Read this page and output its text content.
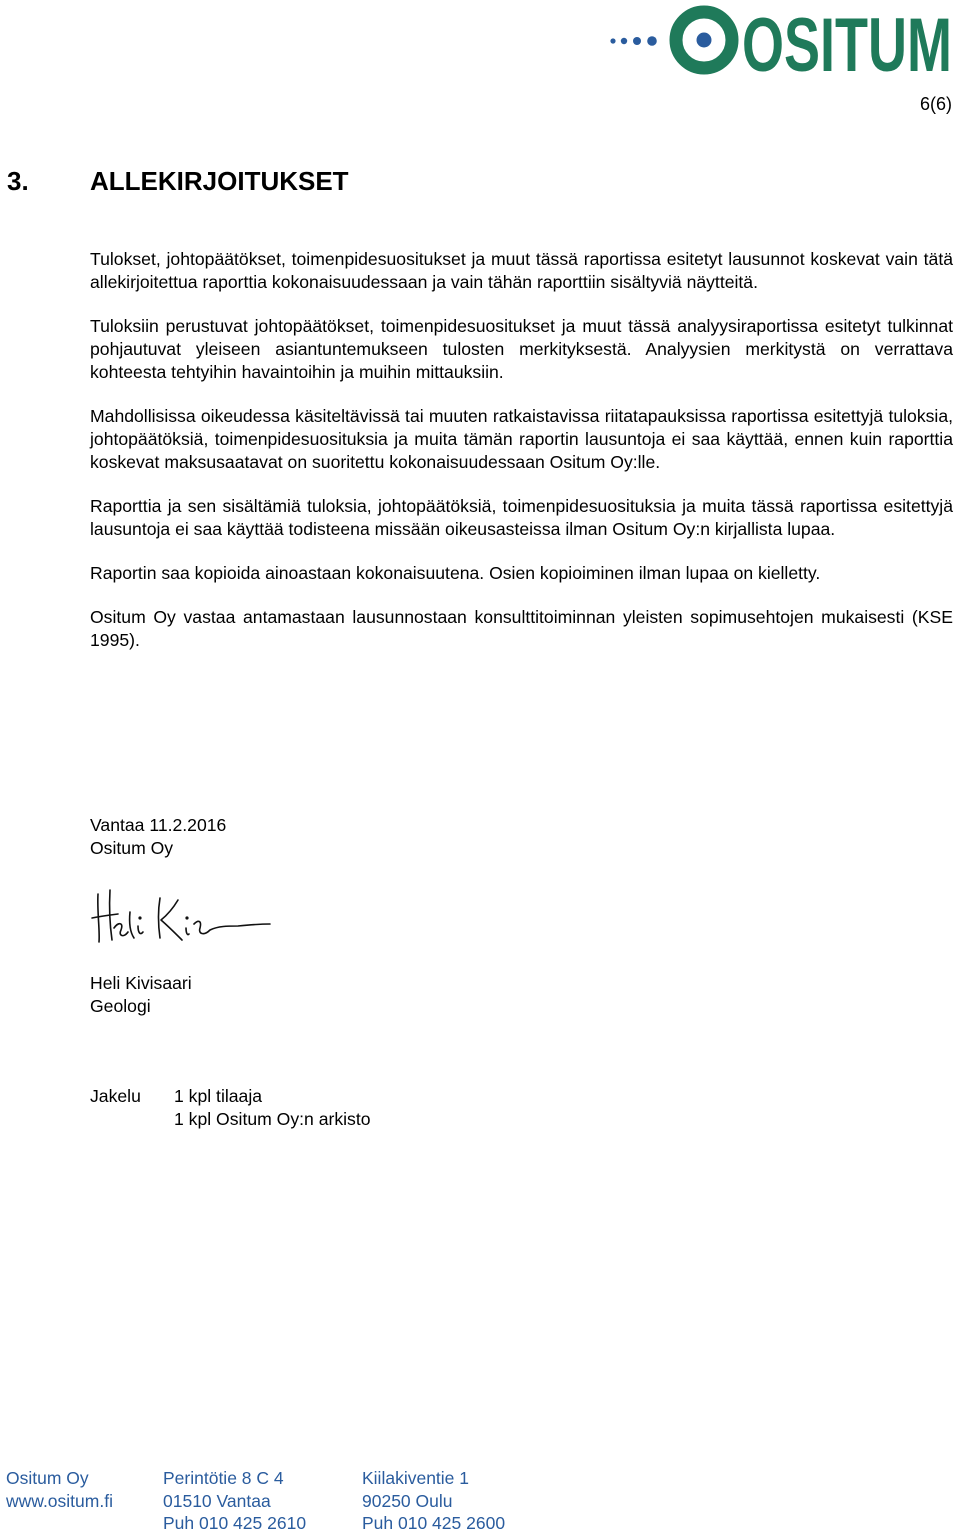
OSITUM
6(6)
3. ALLEKIRJOITUKSET

Tulokset, johtopäätökset, toimenpidesuositukset ja muut tässä raportissa esitetyt lausunnot koskevat vain tätä allekirjoitettua raporttia kokonaisuudessaan ja vain tähän raporttiin sisältyviä näytteitä.

Tuloksiin perustuvat johtopäätökset, toimenpidesuositukset ja muut tässä analyysiraportissa esitetyt tulkinnat pohjautuvat yleiseen asiantuntemukseen tulosten merkityksestä. Analyysien merkitystä on verrattava kohteesta tehtyihin havaintoihin ja muihin mittauksiin.

Mahdollisissa oikeudessa käsiteltävissä tai muuten ratkaistavissa riitatapauksissa raportissa esitettyjä tuloksia, johtopäätöksiä, toimenpidesuosituksia ja muita tämän raportin lausuntoja ei saa käyttää, ennen kuin raporttia koskevat maksusaatavat on suoritettu kokonaisuudessaan Ositum Oy:lle.

Raporttia ja sen sisältämiä tuloksia, johtopäätöksiä, toimenpidesuosituksia ja muita tässä raportissa esitettyjä lausuntoja ei saa käyttää todisteena missään oikeusasteissa ilman Ositum Oy:n kirjallista lupaa.

Raportin saa kopioida ainoastaan kokonaisuutena. Osien kopioiminen ilman lupaa on kielletty.

Ositum Oy vastaa antamastaan lausunnostaan konsulttitoiminnan yleisten sopimusehtojen mukaisesti (KSE 1995).

Vantaa 11.2.2016
Ositum Oy
Heli Kivisaari
Geologi
Jakelu 1 kpl tilaaja
1 kpl Ositum Oy:n arkisto
Ositum Oy
www.ositum.fi
Perintötie 8 C 4
01510 Vantaa
Puh 010 425 2610
Kiilakiventie 1
90250 Oulu
Puh 010 425 2600
